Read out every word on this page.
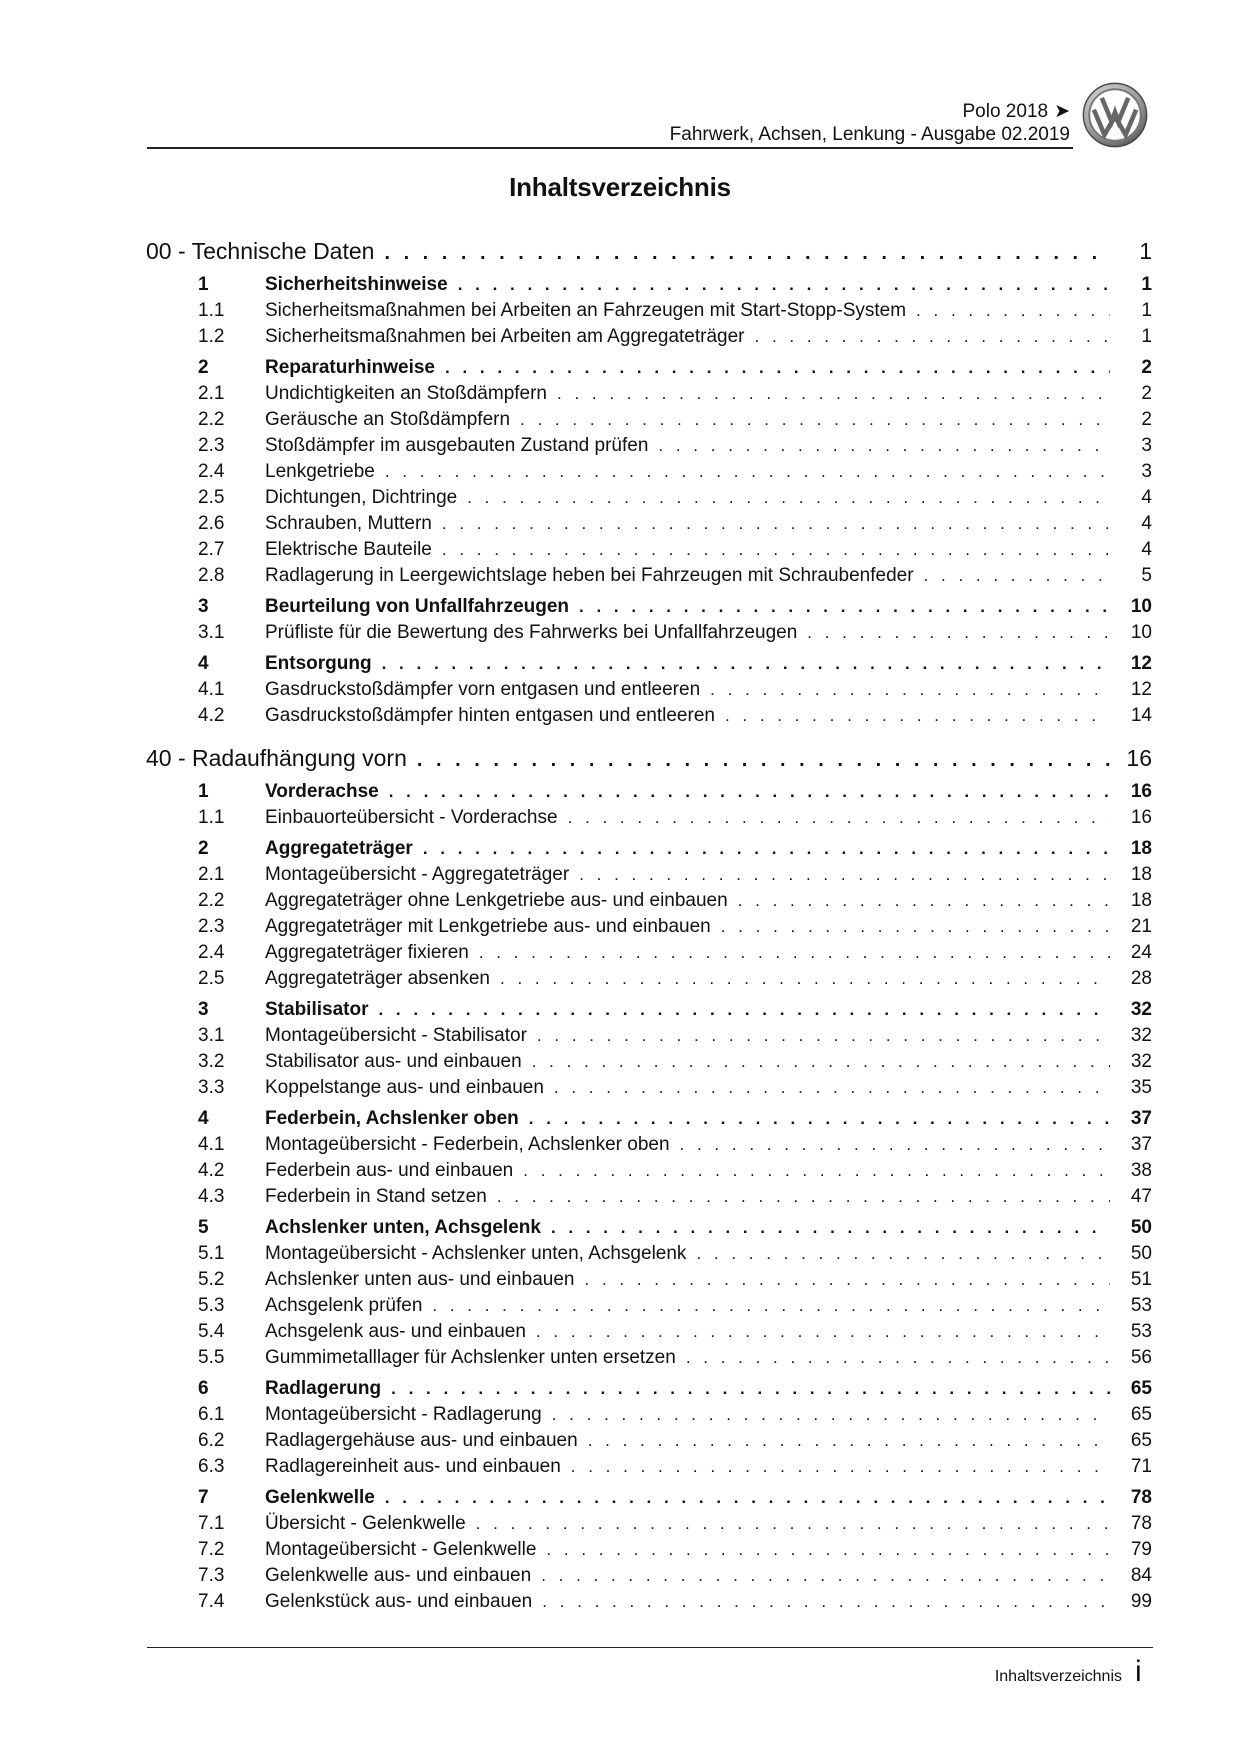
Polo 2018 ➤
Fahrwerk, Achsen, Lenkung - Ausgabe 02.2019
Inhaltsverzeichnis
00 - Technische Daten . . .	1
1	Sicherheitshinweise . . .	1
1.1	Sicherheitsmaßnahmen bei Arbeiten an Fahrzeugen mit Start-Stopp-System . . .	1
1.2	Sicherheitsmaßnahmen bei Arbeiten am Aggregateträger . . .	1
2	Reparaturhinweise . . .	2
2.1	Undichtigkeiten an Stoßdämpfern . . .	2
2.2	Geräusche an Stoßdämpfern . . .	2
2.3	Stoßdämpfer im ausgebauten Zustand prüfen . . .	3
2.4	Lenkgetriebe . . .	3
2.5	Dichtungen, Dichtringe . . .	4
2.6	Schrauben, Muttern . . .	4
2.7	Elektrische Bauteile . . .	4
2.8	Radlagerung in Leergewichtslage heben bei Fahrzeugen mit Schraubenfeder . . .	5
3	Beurteilung von Unfallfahrzeugen . . .	10
3.1	Prüfliste für die Bewertung des Fahrwerks bei Unfallfahrzeugen . . .	10
4	Entsorgung . . .	12
4.1	Gasdruckstoßdämpfer vorn entgasen und entleeren . . .	12
4.2	Gasdruckstoßdämpfer hinten entgasen und entleeren . . .	14
40 - Radaufhängung vorn . . .	16
1	Vorderachse . . .	16
1.1	Einbauorteübersicht - Vorderachse . . .	16
2	Aggregateträger . . .	18
2.1	Montageübersicht - Aggregateträger . . .	18
2.2	Aggregateträger ohne Lenkgetriebe aus- und einbauen . . .	18
2.3	Aggregateträger mit Lenkgetriebe aus- und einbauen . . .	21
2.4	Aggregateträger fixieren . . .	24
2.5	Aggregateträger absenken . . .	28
3	Stabilisator . . .	32
3.1	Montageübersicht - Stabilisator . . .	32
3.2	Stabilisator aus- und einbauen . . .	32
3.3	Koppelstange aus- und einbauen . . .	35
4	Federbein, Achslenker oben . . .	37
4.1	Montageübersicht - Federbein, Achslenker oben . . .	37
4.2	Federbein aus- und einbauen . . .	38
4.3	Federbein in Stand setzen . . .	47
5	Achslenker unten, Achsgelenk . . .	50
5.1	Montageübersicht - Achslenker unten, Achsgelenk . . .	50
5.2	Achslenker unten aus- und einbauen . . .	51
5.3	Achsgelenk prüfen . . .	53
5.4	Achsgelenk aus- und einbauen . . .	53
5.5	Gummimetalllager für Achslenker unten ersetzen . . .	56
6	Radlagerung . . .	65
6.1	Montageübersicht - Radlagerung . . .	65
6.2	Radlagergehäuse aus- und einbauen . . .	65
6.3	Radlagereinheit aus- und einbauen . . .	71
7	Gelenkwelle . . .	78
7.1	Übersicht - Gelenkwelle . . .	78
7.2	Montageübersicht - Gelenkwelle . . .	79
7.3	Gelenkwelle aus- und einbauen . . .	84
7.4	Gelenkstück aus- und einbauen . . .	99
Inhaltsverzeichnis i
